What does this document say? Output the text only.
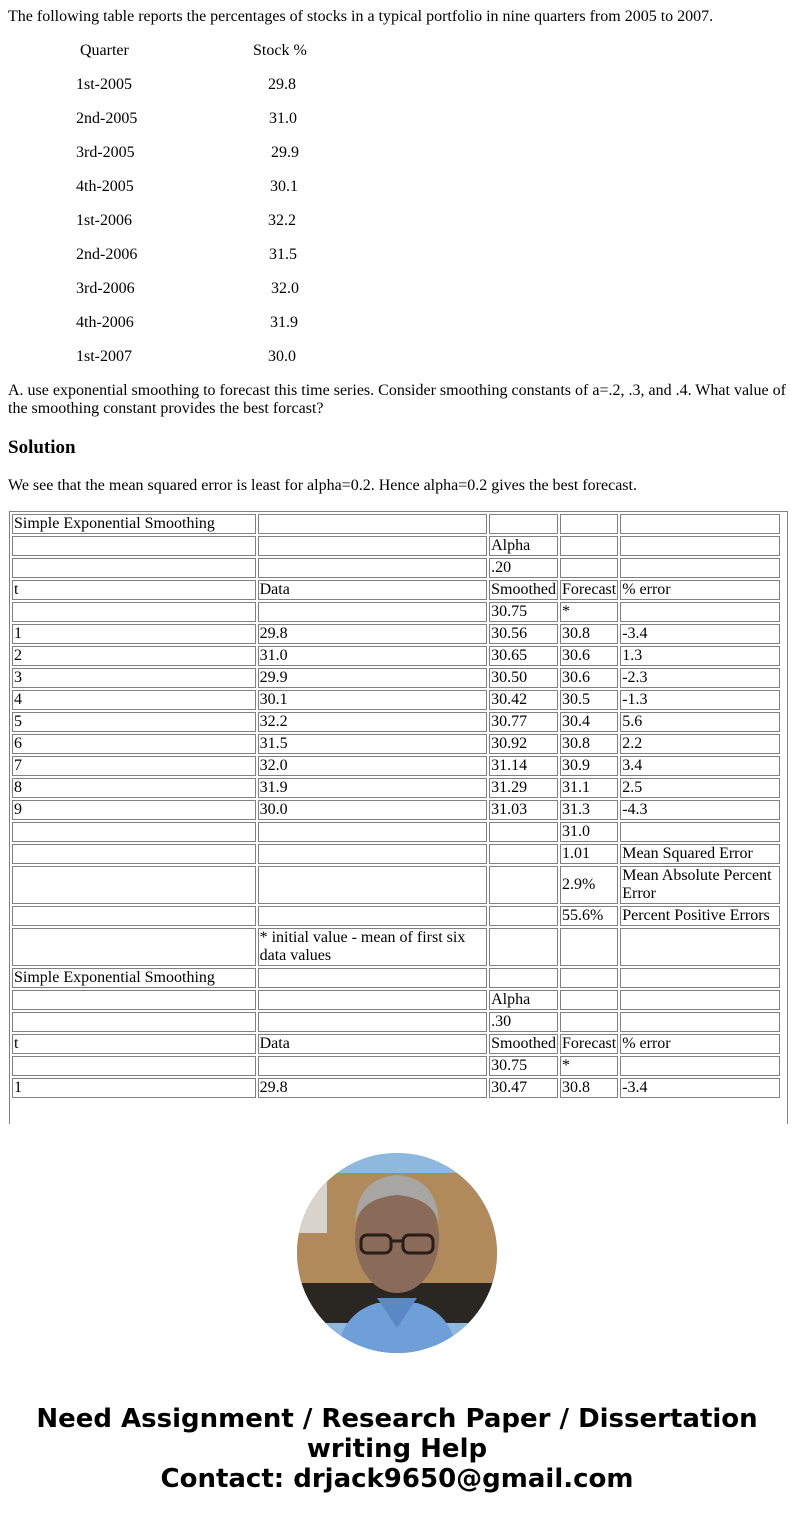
The following table reports the percentages of stocks in a typical portfolio in nine quarters from 2005 to 2007.

Quarter	Stock %
1st-2005	29.8
2nd-2005	31.0
3rd-2005	29.9
4th-2005	30.1
1st-2006	32.2
2nd-2006	31.5
3rd-2006	32.0
4th-2006	31.9
1st-2007	30.0

A. use exponential smoothing to forecast this time series. Consider smoothing constants of a=.2, .3, and .4. What value of the smoothing constant provides the best forcast?

Solution

We see that the mean squared error is least for alpha=0.2. Hence alpha=0.2 gives the best forecast.

Simple Exponential Smoothing				
		Alpha		
		.20		
t	Data	Smoothed	Forecast	% error
		30.75	*	
1	29.8	30.56	30.8	-3.4
2	31.0	30.65	30.6	1.3
3	29.9	30.50	30.6	-2.3
4	30.1	30.42	30.5	-1.3
5	32.2	30.77	30.4	5.6
6	31.5	30.92	30.8	2.2
7	32.0	31.14	30.9	3.4
8	31.9	31.29	31.1	2.5
9	30.0	31.03	31.3	-4.3
			31.0	
			1.01	Mean Squared Error
			2.9%	Mean Absolute Percent Error
			55.6%	Percent Positive Errors
	* initial value - mean of first six data values			
Simple Exponential Smoothing				
		Alpha		
		.30		
t	Data	Smoothed	Forecast	% error
		30.75	*	
1	29.8	30.47	30.8	-3.4
Need Assignment / Research Paper / Dissertation
writing Help
Contact: drjack9650@gmail.com
